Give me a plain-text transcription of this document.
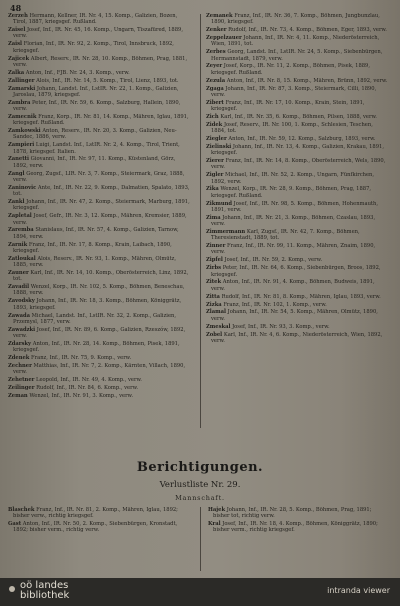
48

Zerzeh Hermann, Kellner, IR. Nr. 4, 15. Komp., Galizien, Bozen, Tirol, 1887, kriegsgef. Rußland.

Zaisel Josef, Inf., IR. Nr. 45, 16. Komp., Ungarn, Tiszafüred, 1889, verw.

Zaisl Florian, Inf., IR. Nr. 92, 2. Komp., Tirol, Innsbruck, 1892, kriegsgef.

Zajicek Albert, Reserv., IR. Nr. 28, 10. Komp., Böhmen, Prag, 1881, verw.

Zalka Anton, Inf., FJB. Nr. 24, 3. Komp., verw.

Zallinger Alois, Inf., IR. Nr. 14, 5. Komp., Tirol, Lienz, 1893, tot.

Zamarski Johann, Landst. Inf., LstIR. Nr. 22, 1. Komp., Galizien, Jaroslau, 1879, kriegsgef.

Zambra Peter, Inf., IR. Nr. 59, 6. Komp., Salzburg, Hallein, 1890, verw.

Zamecnik Franz, Korp., IR. Nr. 81, 14. Komp., Mähren, Iglau, 1891, kriegsgef. Rußland.

Zamkowski Anton, Reserv., IR. Nr. 20, 3. Komp., Galizien, Neu-Sandec, 1886, verw.

Zampieri Luigi, Landst. Inf., LstIR. Nr. 2, 4. Komp., Tirol, Trient, 1878, kriegsgef. Italien.

Zanetti Giovanni, Inf., IR. Nr. 97, 11. Komp., Küstenland, Görz, 1892, verw.

Zangl Georg, Zugsf., LIR. Nr. 3, 7. Komp., Steiermark, Graz, 1888, verw.

Zaninovic Ante, Inf., IR. Nr. 22, 9. Komp., Dalmatien, Spalato, 1893, tot.

Zankl Johann, Inf., IR. Nr. 47, 2. Komp., Steiermark, Marburg, 1891, kriegsgef.

Zapletal Josef, Gefr., IR. Nr. 3, 12. Komp., Mähren, Kremsier, 1889, verw.

Zaremba Stanislaus, Inf., IR. Nr. 57, 4. Komp., Galizien, Tarnow, 1894, verw.

Zarnik Franz, Inf., IR. Nr. 17, 8. Komp., Krain, Laibach, 1890, kriegsgef.

Zatloukal Alois, Reserv., IR. Nr. 93, 1. Komp., Mähren, Olmütz, 1885, verw.

Zauner Karl, Inf., IR. Nr. 14, 10. Komp., Oberösterreich, Linz, 1892, tot.

Zavadil Wenzel, Korp., IR. Nr. 102, 5. Komp., Böhmen, Beneschau, 1888, verw.

Zavodsky Johann, Inf., IR. Nr. 18, 3. Komp., Böhmen, Königgrätz, 1893, kriegsgef.

Zawada Michael, Landst. Inf., LstIR. Nr. 32, 2. Komp., Galizien, Przemysl, 1877, verw.

Zawadzki Josef, Inf., IR. Nr. 89, 6. Komp., Galizien, Rzeszów, 1892, verw.

Zdarsky Anton, Inf., IR. Nr. 28, 14. Komp., Böhmen, Pisek, 1891, kriegsgef.

Zdenek Franz, Inf., IR. Nr. 75, 9. Komp., verw.

Zechner Matthias, Inf., IR. Nr. 7, 2. Komp., Kärnten, Villach, 1890, verw.

Zehetner Leopold, Inf., IR. Nr. 49, 4. Komp., verw.

Zeilinger Rudolf, Inf., IR. Nr. 84, 6. Komp., verw.

Zeman Wenzel, Inf., IR. Nr. 91, 3. Komp., verw.

Zemanek Franz, Inf., IR. Nr. 36, 7. Komp., Böhmen, Jungbunzlau, 1890, kriegsgef.

Zenker Rudolf, Inf., IR. Nr. 73, 4. Komp., Böhmen, Eger, 1893, verw.

Zeppelzauer Johann, Inf., IR. Nr. 4, 11. Komp., Niederösterreich, Wien, 1891, tot.

Zerbes Georg, Landst. Inf., LstIR. Nr. 24, 5. Komp., Siebenbürgen, Hermannstadt, 1879, verw.

Zeyer Josef, Korp., IR. Nr. 11, 2. Komp., Böhmen, Pisek, 1889, kriegsgef. Rußland.

Zezula Anton, Inf., IR. Nr. 8, 15. Komp., Mähren, Brünn, 1892, verw.

Zgaga Johann, Inf., IR. Nr. 87, 3. Komp., Steiermark, Cilli, 1890, verw.

Zibert Franz, Inf., IR. Nr. 17, 10. Komp., Krain, Stein, 1891, kriegsgef.

Zich Karl, Inf., IR. Nr. 35, 6. Komp., Böhmen, Pilsen, 1888, verw.

Zidek Josef, Reserv., IR. Nr. 100, 1. Komp., Schlesien, Teschen, 1884, tot.

Ziegler Anton, Inf., IR. Nr. 59, 12. Komp., Salzburg, 1893, verw.

Zielinski Johann, Inf., IR. Nr. 13, 4. Komp., Galizien, Krakau, 1891, kriegsgef.

Zierer Franz, Inf., IR. Nr. 14, 8. Komp., Oberösterreich, Wels, 1890, verw.

Zigler Michael, Inf., IR. Nr. 52, 2. Komp., Ungarn, Fünfkirchen, 1892, verw.

Zika Wenzel, Korp., IR. Nr. 28, 9. Komp., Böhmen, Prag, 1887, kriegsgef. Rußland.

Zikmund Josef, Inf., IR. Nr. 98, 5. Komp., Böhmen, Hohenmauth, 1891, verw.

Zima Johann, Inf., IR. Nr. 21, 3. Komp., Böhmen, Czaslau, 1893, verw.

Zimmermann Karl, Zugsf., IR. Nr. 42, 7. Komp., Böhmen, Theresienstadt, 1889, tot.

Zinner Franz, Inf., IR. Nr. 99, 11. Komp., Mähren, Znaim, 1890, verw.

Zipfel Josef, Inf., IR. Nr. 59, 2. Komp., verw.

Zirbs Peter, Inf., IR. Nr. 64, 6. Komp., Siebenbürgen, Broos, 1892, kriegsgef.

Zitek Anton, Inf., IR. Nr. 91, 4. Komp., Böhmen, Budweis, 1891, verw.

Zitta Rudolf, Inf., IR. Nr. 81, 8. Komp., Mähren, Iglau, 1893, verw.

Zizka Franz, Inf., IR. Nr. 102, 1. Komp., verw.

Zlamal Johann, Inf., IR. Nr. 54, 5. Komp., Mähren, Olmütz, 1890, verw.

Zmeskal Josef, Inf., IR. Nr. 93, 3. Komp., verw.

Zobel Karl, Inf., IR. Nr. 4, 6. Komp., Niederösterreich, Wien, 1892, verw.

Berichtigungen.
Verlustliste Nr. 29.
Mannschaft.

Blaschek Franz, Inf., IR. Nr. 81, 2. Komp., Mähren, Iglau, 1892; bisher verw., richtig kriegsgef.

Gast Anton, Inf., IR. Nr. 50, 2. Komp., Siebenbürgen, Kronstadt, 1892; bisher verm., richtig verw.

Hajek Johann, Inf., IR. Nr. 28, 5. Komp., Böhmen, Prag, 1891; bisher tot, richtig verw.

Kral Josef, Inf., IR. Nr. 18, 4. Komp., Böhmen, Königgrätz, 1890; bisher verm., richtig kriegsgef.

oö landes
bibliothek	intranda viewer
